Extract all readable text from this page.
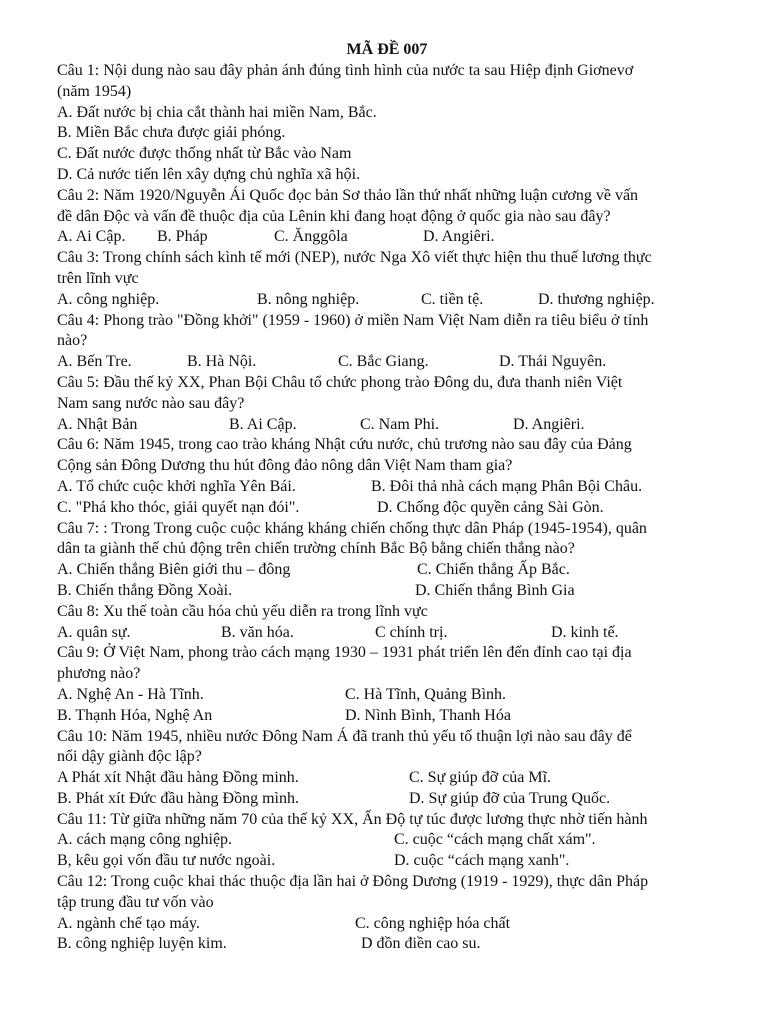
MÃ ĐỀ 007
Câu 1: Nội dung nào sau đây phản ánh đúng tình hình của nước ta sau Hiệp định Giơnevơ
(năm 1954)
A. Đất nước bị chia cắt thành hai miền Nam, Bắc.
B. Miền Bắc chưa được giải phóng.
C. Đất nước được thống nhất từ Bắc vào Nam
D. Cả nước tiến lên xây dựng chủ nghĩa xã hội.
Câu 2: Năm 1920/Nguyễn Ái Quốc đọc bản Sơ thảo lần thứ nhất những luận cương về vấn
đề dân Độc và vấn đề thuộc địa của Lênin khi đang hoạt động ở quốc gia nào sau đây?
A. Ai Cập. B. Pháp	C. Ănggôla	D. Angiêri.
Câu 3: Trong chính sách kình tế mới (NEP), nước Nga Xô viết thực hiện thu thuế lương thực
trên lĩnh vực
A. công nghiệp.	B. nông nghiệp.	C. tiền tệ.	D. thương nghiệp.
Câu 4: Phong trào "Đồng khởi" (1959 - 1960) ở miền Nam Việt Nam diễn ra tiêu biểu ở tỉnh
nào?
A. Bến Tre.	B. Hà Nội.	C. Bắc Giang.	D. Thái Nguyên.
Câu 5: Đầu thế kỷ XX, Phan Bội Châu tổ chức phong trào Đông du, đưa thanh niên Việt
Nam sang nước nào sau đây?
A. Nhật Bản	B. Ai Cập.	C. Nam Phi.	D. Angiêri.
Câu 6: Năm 1945, trong cao trào kháng Nhật cứu nước, chủ trương nào sau đây của Đảng
Cộng sản Đông Dương thu hút đông đảo nông dân Việt Nam tham gia?
A. Tổ chức cuộc khởi nghĩa Yên Bái.	B. Đôi thả nhà cách mạng Phân Bội Châu.
C. "Phá kho thóc, giải quyết nạn đói".	D. Chống độc quyền cảng Sài Gòn.
Câu 7: : Trong Trong cuộc cuộc kháng kháng chiến chống thực dân Pháp (1945-1954), quân
dân ta giành thế chủ động trên chiến trường chính Bắc Bộ bằng chiến thắng nào?
A. Chiến thắng Biên giới thu – đông	C. Chiến thắng Ấp Bắc.
B. Chiến thắng Đồng Xoài.	D. Chiến thắng Bình Gia
Câu 8: Xu thế toàn cầu hóa chủ yếu diễn ra trong lĩnh vực
A. quân sự.	B. văn hóa.	C chính trị.	D. kinh tế.
Câu 9: Ở Việt Nam, phong trào cách mạng 1930 – 1931 phát triển lên đến đỉnh cao tại địa
phương nào?
A. Nghệ An - Hà Tĩnh.	C. Hà Tĩnh, Quảng Bình.
B. Thạnh Hóa, Nghệ An	D. Nình Bình, Thanh Hóa
Câu 10: Năm 1945, nhiều nước Đông Nam Á đã tranh thủ yếu tố thuận lợi nào sau đây để
nổi dậy giành độc lập?
A Phát xít Nhật đầu hàng Đồng minh.	C. Sự giúp đỡ của Mĩ.
B. Phát xít Đức đầu hàng Đồng mình.	D. Sự giúp đỡ của Trung Quốc.
Câu 11: Từ giữa những năm 70 của thế kỷ XX, Ấn Độ tự túc được lương thực nhờ tiến hành
A. cách mạng công nghiệp.	C. cuộc “cách mạng chất xám".
B, kêu gọi vốn đầu tư nước ngoài.	D. cuộc “cách mạng xanh".
Câu 12: Trong cuộc khai thác thuộc địa lần hai ở Đông Dương (1919 - 1929), thực dân Pháp
tập trung đầu tư vốn vào
A. ngành chế tạo máy.	C. công nghiệp hóa chất
B. công nghiệp luyện kim.	D đồn điền cao su.
